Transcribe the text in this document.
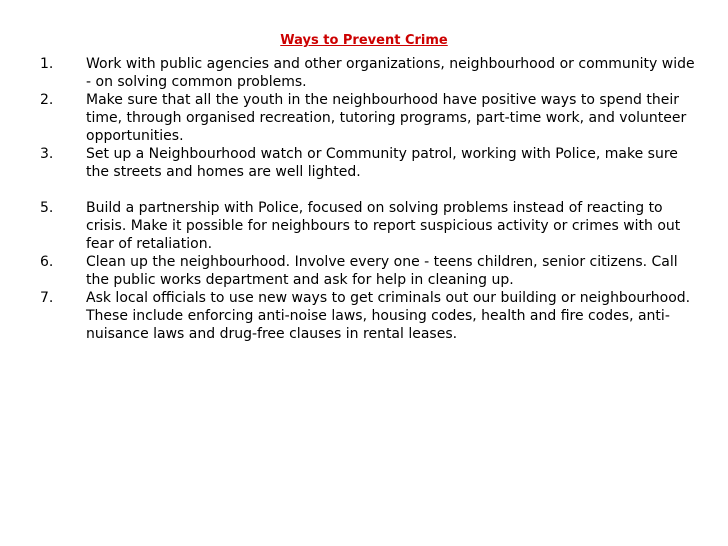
Ways to Prevent Crime
1.	Work with public agencies and other organizations, neighbourhood or community wide - on solving common problems.
2.	Make sure that all the youth in the neighbourhood have positive ways to spend their time, through organised recreation, tutoring programs, part-time work, and volunteer opportunities.
3.	Set up a Neighbourhood watch or Community patrol, working with Police, make sure the streets and homes are well lighted.
5.	Build a partnership with Police, focused on solving problems instead of reacting to crisis. Make it possible for neighbours to report suspicious activity or crimes with out fear of retaliation.
6.	Clean up the neighbourhood. Involve every one - teens children, senior citizens. Call the public works department and ask for help in cleaning up.
7.	Ask local officials to use new ways to get criminals out our building or neighbourhood. These include enforcing anti-noise laws, housing codes, health and fire codes, anti-nuisance laws and drug-free clauses in rental leases.
